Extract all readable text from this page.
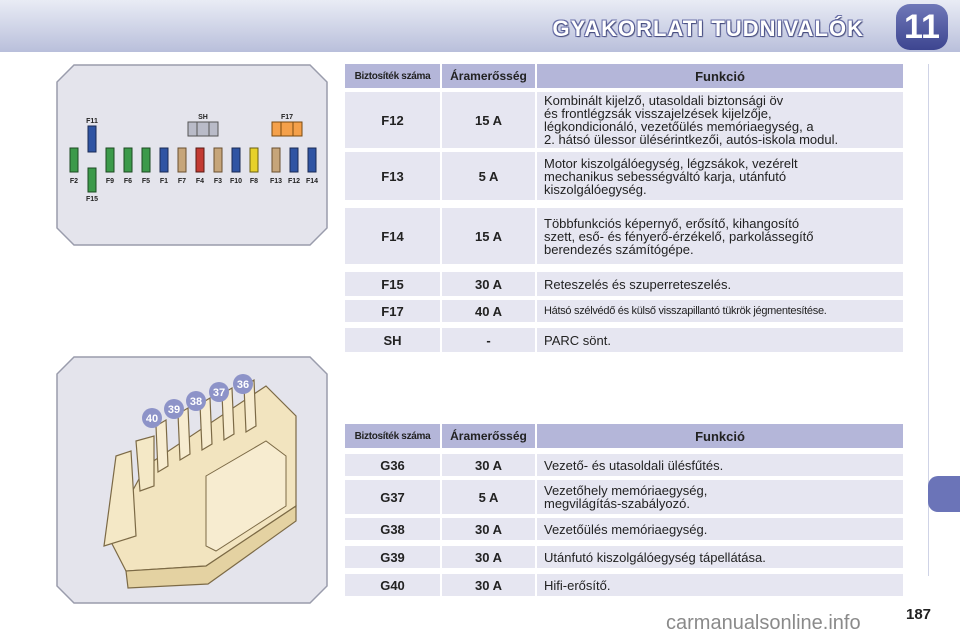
GYAKORLATI TUDNIVALÓK 11
F11
SH	F17
F2	F9 F6 F5 F1 F7 F4 F3 F10 F8 F13 F12 F14
F15
40
39
38
37
36
Biztosíték száma	Áramerősség	Funkció
F12	15 A
Kombinált kijelző, utasoldali biztonsági öv
és frontlégzsák visszajelzések kijelzője,
légkondicionáló, vezetőülés memóriaegység, a
2. hátsó ülessor ülésérintkezői, autós-iskola modul.
F13	5 A
Motor kiszolgálóegység, légzsákok, vezérelt
mechanikus sebességváltó karja, utánfutó
kiszolgálóegység.
F14	15 A
Többfunkciós képernyő, erősítő, kihangosító
szett, eső- és fényerő-érzékelő, parkolássegítő
berendezés számítógépe.
F15	30 A	Reteszelés és szuperreteszelés.
F17	40 A	Hátsó szélvédő és külső visszapillantó tükrök jégmentesítése.
SH	-	PARC sönt.
Biztosíték száma	Áramerősség	Funkció
G36	30 A	Vezető- és utasoldali ülésfűtés.
G37	5 A	Vezetőhely memóriaegység,
megvilágítás-szabályozó.
G38	30 A	Vezetőülés memóriaegység.
G39	30 A	Utánfutó kiszolgálóegység tápellátása.
G40	30 A	Hifi-erősítő.
carmanualsonline.info	187
